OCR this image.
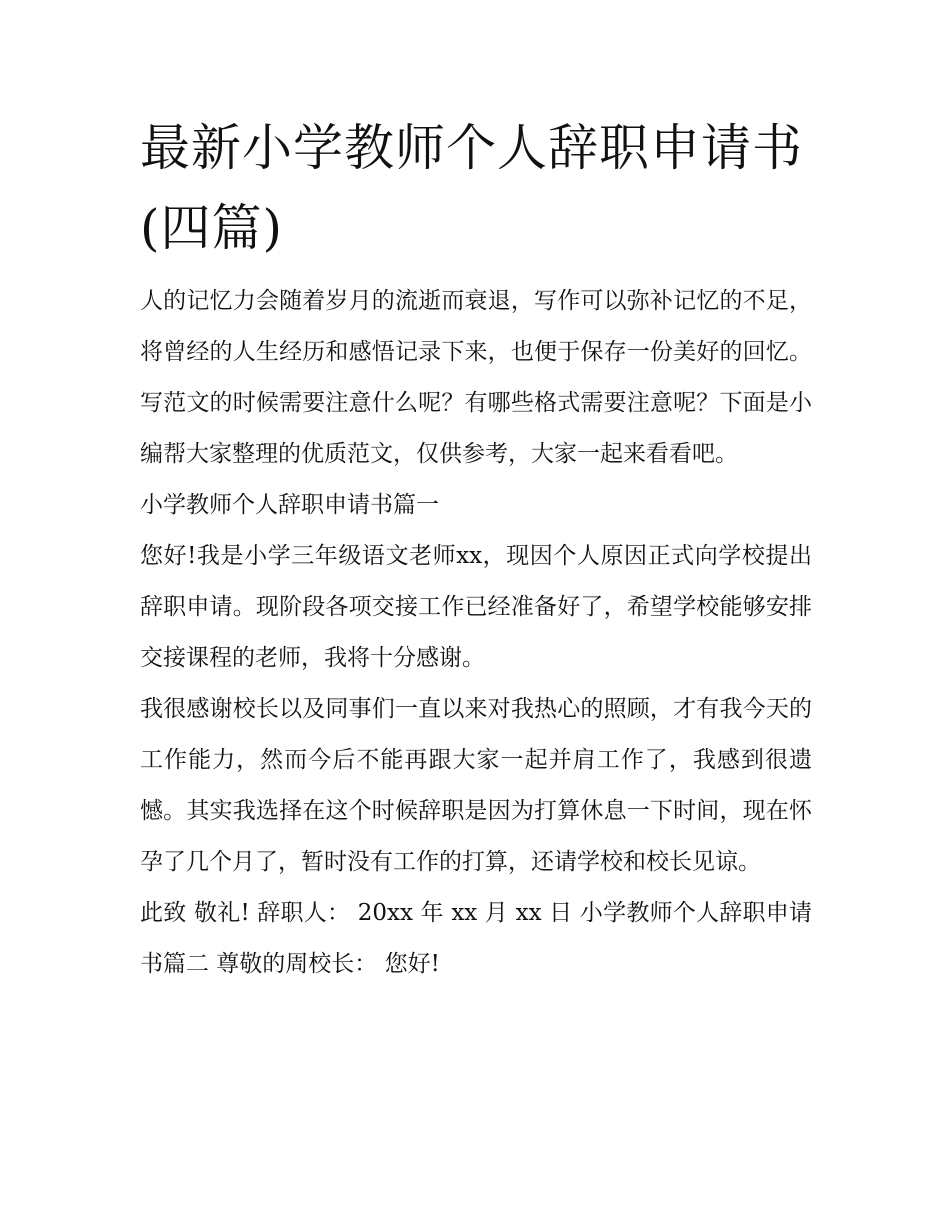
最新小学教师个人辞职申请书(四篇)

人的记忆力会随着岁月的流逝而衰退，写作可以弥补记忆的不足，将曾经的人生经历和感悟记录下来，也便于保存一份美好的回忆。写范文的时候需要注意什么呢？有哪些格式需要注意呢？下面是小编帮大家整理的优质范文，仅供参考，大家一起来看看吧。

小学教师个人辞职申请书篇一

您好!我是小学三年级语文老师xx，现因个人原因正式向学校提出辞职申请。现阶段各项交接工作已经准备好了，希望学校能够安排交接课程的老师，我将十分感谢。

我很感谢校长以及同事们一直以来对我热心的照顾，才有我今天的工作能力，然而今后不能再跟大家一起并肩工作了，我感到很遗憾。其实我选择在这个时候辞职是因为打算休息一下时间，现在怀孕了几个月了，暂时没有工作的打算，还请学校和校长见谅。

此致 敬礼! 辞职人： 20xx 年 xx 月 xx 日 小学教师个人辞职申请书篇二 尊敬的周校长： 您好!
